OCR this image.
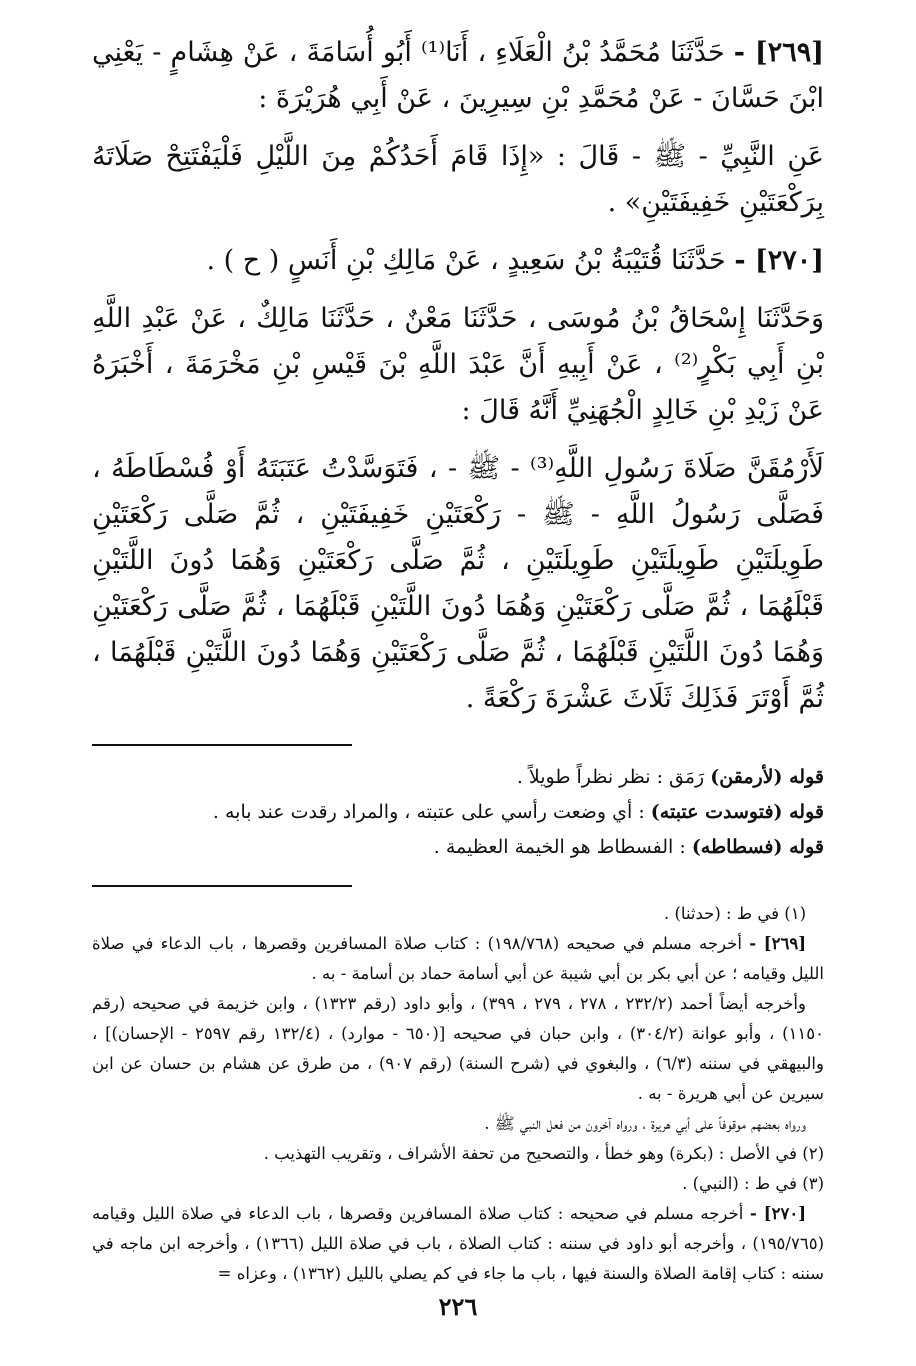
[٢٦٩] - حَدَّثَنَا مُحَمَّدُ بْنُ الْعَلَاءِ ، أَنَا⁽¹⁾ أَبُو أُسَامَةَ ، عَنْ هِشَامٍ - يَعْنِي ابْنَ حَسَّانَ - عَنْ مُحَمَّدِ بْنِ سِيرِينَ ، عَنْ أَبِي هُرَيْرَةَ :

عَنِ النَّبِيِّ - ﷺ - قَالَ : «إِذَا قَامَ أَحَدُكُمْ مِنَ اللَّيْلِ فَلْيَفْتَتِحْ صَلَاتَهُ بِرَكْعَتَيْنِ خَفِيفَتَيْنِ» .

[٢٧٠] - حَدَّثَنَا قُتَيْبَةُ بْنُ سَعِيدٍ ، عَنْ مَالِكِ بْنِ أَنَسٍ ( ح ) .

وَحَدَّثَنَا إِسْحَاقُ بْنُ مُوسَى ، حَدَّثَنَا مَعْنٌ ، حَدَّثَنَا مَالِكٌ ، عَنْ عَبْدِ اللَّهِ بْنِ أَبِي بَكْرٍ⁽²⁾ ، عَنْ أَبِيهِ أَنَّ عَبْدَ اللَّهِ بْنَ قَيْسِ بْنِ مَخْرَمَةَ ، أَخْبَرَهُ عَنْ زَيْدِ بْنِ خَالِدٍ الْجُهَنِيِّ أَنَّهُ قَالَ :

لَأَرْمُقَنَّ صَلَاةَ رَسُولِ اللَّهِ⁽³⁾ - ﷺ - ، فَتَوَسَّدْتُ عَتَبَتَهُ أَوْ فُسْطَاطَهُ ، فَصَلَّى رَسُولُ اللَّهِ - ﷺ - رَكْعَتَيْنِ خَفِيفَتَيْنِ ، ثُمَّ صَلَّى رَكْعَتَيْنِ طَوِيلَتَيْنِ طَوِيلَتَيْنِ طَوِيلَتَيْنِ ، ثُمَّ صَلَّى رَكْعَتَيْنِ وَهُمَا دُونَ اللَّتَيْنِ قَبْلَهُمَا ، ثُمَّ صَلَّى رَكْعَتَيْنِ وَهُمَا دُونَ اللَّتَيْنِ قَبْلَهُمَا ، ثُمَّ صَلَّى رَكْعَتَيْنِ وَهُمَا دُونَ اللَّتَيْنِ قَبْلَهُمَا ، ثُمَّ صَلَّى رَكْعَتَيْنِ وَهُمَا دُونَ اللَّتَيْنِ قَبْلَهُمَا ، ثُمَّ أَوْتَرَ فَذَلِكَ ثَلَاثَ عَشْرَةَ رَكْعَةً .

قوله (لأرمقن) رَمَق : نظر نظراً طويلاً .

قوله (فتوسدت عتبته) : أي وضعت رأسي على عتبته ، والمراد رقدت عند بابه .

قوله (فسطاطه) : الفسطاط هو الخيمة العظيمة .

(١) في ط : (حدثنا) .

[٢٦٩] - أخرجه مسلم في صحيحه (١٩٨/٧٦٨) : كتاب صلاة المسافرين وقصرها ، باب الدعاء في صلاة الليل وقيامه ؛ عن أبي بكر بن أبي شيبة عن أبي أسامة حماد بن أسامة - به .

وأخرجه أيضاً أحمد (٢٣٢/٢ ، ٢٧٨ ، ٢٧٩ ، ٣٩٩) ، وأبو داود (رقم ١٣٢٣) ، وابن خزيمة في صحيحه (رقم ١١٥٠) ، وأبو عوانة (٣٠٤/٢) ، وابن حبان في صحيحه [(٦٥٠ - موارد) ، (١٣٢/٤ رقم ٢٥٩٧ - الإحسان)] ، والبيهقي في سننه (٦/٣) ، والبغوي في (شرح السنة) (رقم ٩٠٧) ، من طرق عن هشام بن حسان عن ابن سيرين عن أبي هريرة - به .

ورواه بعضهم موقوفاً على أبي هريرة ، ورواه آخرون من فعل النبي ﷺ .

(٢) في الأصل : (بكرة) وهو خطأ ، والتصحيح من تحفة الأشراف ، وتقريب التهذيب .

(٣) في ط : (النبي) .

[٢٧٠] - أخرجه مسلم في صحيحه : كتاب صلاة المسافرين وقصرها ، باب الدعاء في صلاة الليل وقيامه (١٩٥/٧٦٥) ، وأخرجه أبو داود في سننه : كتاب الصلاة ، باب في صلاة الليل (١٣٦٦) ، وأخرجه ابن ماجه في سننه : كتاب إقامة الصلاة والسنة فيها ، باب ما جاء في كم يصلي بالليل (١٣٦٢) ، وعزاه =

٢٢٦
